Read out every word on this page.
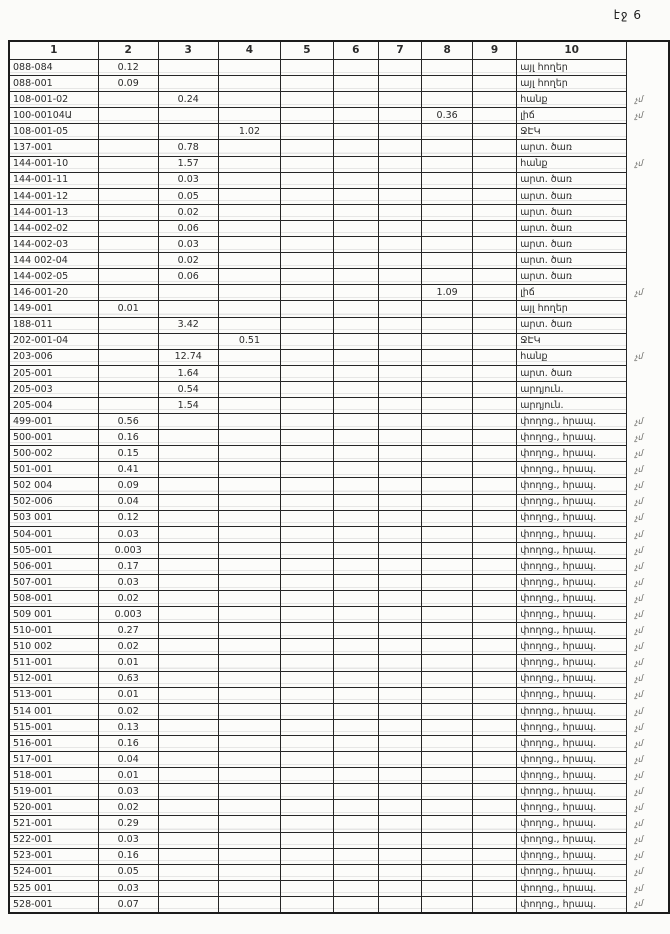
էջ 6
1	2	3	4	5	6	7	8	9	10	
088-084	0.12								այլ հողեր	
088-001	0.09								այլ հողեր	
108-001-02		0.24							հանք	չմ
100-00104Ա							0.36		լիճ	չմ
108-001-05			1.02						ՋԷԿ	
137-001		0.78							արտ. ծառ	
144-001-10		1.57							հանք	չմ
144-001-11		0.03							արտ. ծառ	
144-001-12		0.05							արտ. ծառ	
144-001-13		0.02							արտ. ծառ	
144-002-02		0.06							արտ. ծառ	
144-002-03		0.03							արտ. ծառ	
144 002-04		0.02							արտ. ծառ	
144-002-05		0.06							արտ. ծառ	
146-001-20							1.09		լիճ	չմ
149-001	0.01								այլ հողեր	
188-011		3.42							արտ. ծառ	
202-001-04			0.51						ՋԷԿ	
203-006		12.74							հանք	չմ
205-001		1.64							արտ. ծառ	
205-003		0.54							արդյուն.	
205-004		1.54							արդյուն.	
499-001	0.56								փողոց., հրապ.	չմ
500-001	0.16								փողոց., հրապ.	չմ
500-002	0.15								փողոց., հրապ.	չմ
501-001	0.41								փողոց., հրապ.	չմ
502 004	0.09								փողոց., հրապ.	չմ
502-006	0.04								փողոց., հրապ.	չմ
503 001	0.12								փողոց., հրապ.	չմ
504-001	0.03								փողոց., հրապ.	չմ
505-001	0.003								փողոց., հրապ.	չմ
506-001	0.17								փողոց., հրապ.	չմ
507-001	0.03								փողոց., հրապ.	չմ
508-001	0.02								փողոց., հրապ.	չմ
509 001	0.003								փողոց., հրապ.	չմ
510-001	0.27								փողոց., հրապ.	չմ
510 002	0.02								փողոց., հրապ.	չմ
511-001	0.01								փողոց., հրապ.	չմ
512-001	0.63								փողոց., հրապ.	չմ
513-001	0.01								փողոց., հրապ.	չմ
514 001	0.02								փողոց., հրապ.	չմ
515-001	0.13								փողոց., հրապ.	չմ
516-001	0.16								փողոց., հրապ.	չմ
517-001	0.04								փողոց., հրապ.	չմ
518-001	0.01								փողոց., հրապ.	չմ
519-001	0.03								փողոց., հրապ.	չմ
520-001	0.02								փողոց., հրապ.	չմ
521-001	0.29								փողոց., հրապ.	չմ
522-001	0.03								փողոց., հրապ.	չմ
523-001	0.16								փողոց., հրապ.	չմ
524-001	0.05								փողոց., հրապ.	չմ
525 001	0.03								փողոց., հրապ.	չմ
528-001	0.07								փողոց., հրապ.	չմ
